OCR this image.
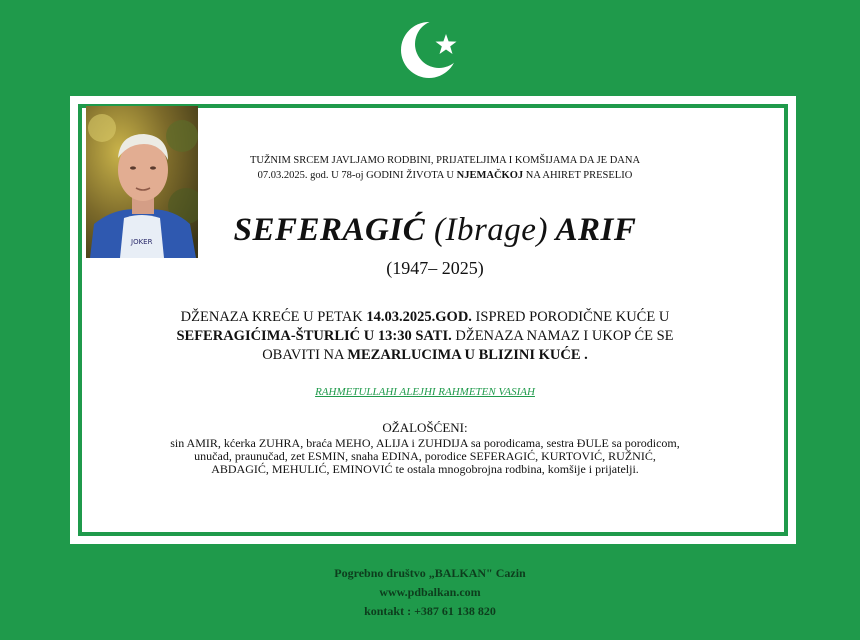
JOKER
TUŽNIM SRCEM JAVLJAMO RODBINI, PRIJATELJIMA I KOMŠIJAMA DA JE DANA
07.03.2025. god. U 78-oj GODINI ŽIVOTA U NJEMAČKOJ NA AHIRET PRESELIO
SEFERAGIĆ (Ibrage) ARIF
(1947– 2025)
DŽENAZA KREĆE U PETAK 14.03.2025.GOD. ISPRED PORODIČNE KUĆE U
SEFERAGIĆIMA-ŠTURLIĆ U 13:30 SATI. DŽENAZA NAMAZ I UKOP ĆE SE
OBAVITI NA MEZARLUCIMA U BLIZINI KUĆE .
RAHMETULLAHI ALEJHI RAHMETEN VASIAH
OŽALOŠĆENI:
sin AMIR, kćerka ZUHRA, braća MEHO, ALIJA i ZUHDIJA sa porodicama, sestra ĐULE sa porodicom,
unučad, praunučad, zet ESMIN, snaha EDINA, porodice SEFERAGIĆ, KURTOVIĆ, RUŽNIĆ,
ABDAGIĆ, MEHULIĆ, EMINOVIĆ te ostala mnogobrojna rodbina, komšije i prijatelji.
Pogrebno društvo „BALKAN" Cazin
www.pdbalkan.com
kontakt : +387 61 138 820
